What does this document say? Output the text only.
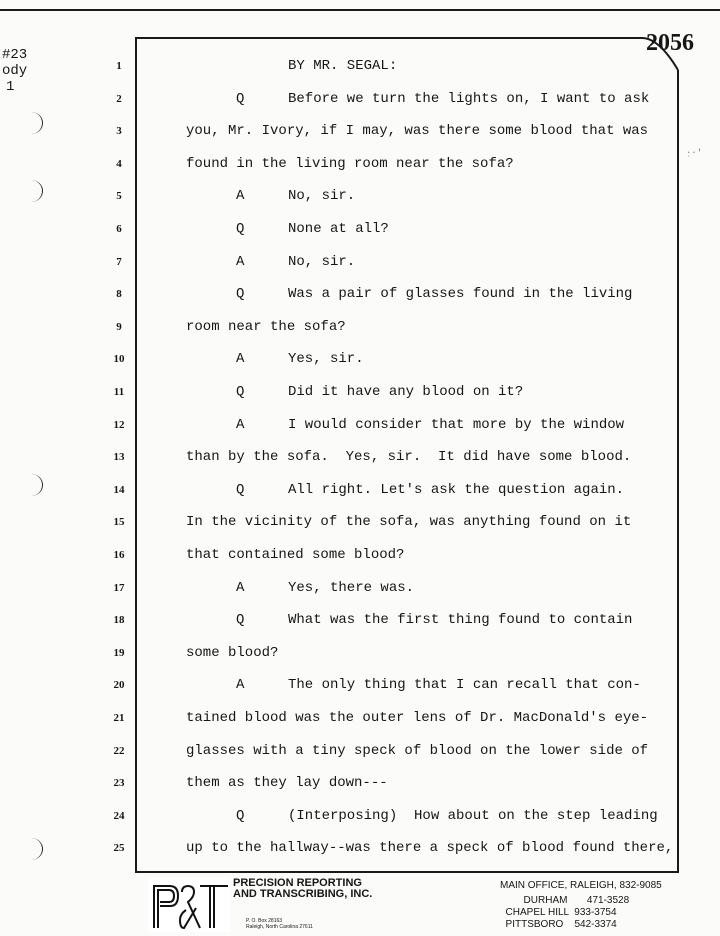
#23
ody
1
·̣·'
2056
1	BY MR. SEGAL:
2	Q	Before we turn the lights on, I want to ask
3	you, Mr. Ivory, if I may, was there some blood that was
4	found in the living room near the sofa?
5	A	No, sir.
6	Q	None at all?
7	A	No, sir.
8	Q	Was a pair of glasses found in the living
9	room near the sofa?
10	A	Yes, sir.
11	Q	Did it have any blood on it?
12	A	I would consider that more by the window
13	than by the sofa.  Yes, sir.  It did have some blood.
14	Q	All right. Let's ask the question again.
15	In the vicinity of the sofa, was anything found on it
16	that contained some blood?
17	A	Yes, there was.
18	Q	What was the first thing found to contain
19	some blood?
20	A	The only thing that I can recall that con-
21	tained blood was the outer lens of Dr. MacDonald's eye-
22	glasses with a tiny speck of blood on the lower side of
23	them as they lay down---
24	Q	(Interposing)  How about on the step leading
25	up to the hallway--was there a speck of blood found there,
PRECISION REPORTING
AND TRANSCRIBING, INC.
P. O. Box 28163
Raleigh, North Carolina 27611
MAIN OFFICE, RALEIGH, 832-9085
DURHAM       471-3528
CHAPEL HILL  933-3754
PITTSBORO    542-3374
